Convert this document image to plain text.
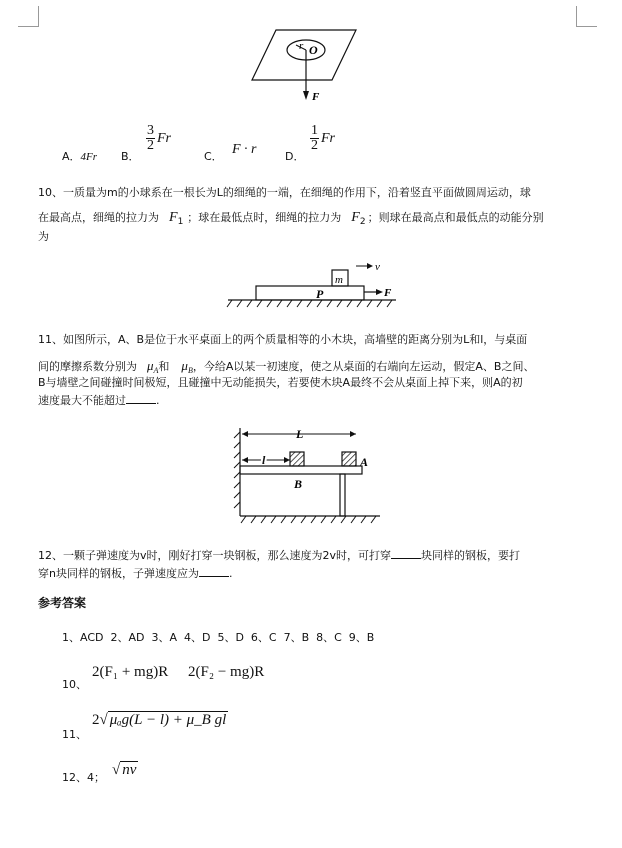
r O
F
A．4Fr B．
$\frac{3}{2}$ Fr
C． F · r	D．
$\frac{1}{2}$ Fr
10、一质量为m的小球系在一根长为L的细绳的一端，在细绳的作用下，沿着竖直平面做圆周运动，球
在最高点，细绳的拉力为 $F_1$ ；球在最低点时，细绳的拉力为 $F_2$ ；则球在最高点和最低点的动能分别
为
m
v
P	F
11、如图所示，A、B是位于水平桌面上的两个质量相等的小木块，高墙壁的距离分别为L和l，与桌面
间的摩擦系数分别为 $\mu_A$和 $\mu_B$，今给A以某一初速度，使之从桌面的右端向左运动，假定A、B之间、
B与墙壁之间碰撞时间极短，且碰撞中无动能损失，若要使木块A最终不会从桌面上掉下来，则A的初
速度最大不能超过	.
L
l	A
B
12、一颗子弹速度为v时，刚好打穿一块钢板，那么速度为2v时，可打穿	块同样的钢板，要打
穿n块同样的钢板，子弹速度应为	.
参考答案
1、ACD  2、AD  3、A  4、D  5、D  6、C  7、B  8、C  9、B
10、
2(F₁ + mg)R 2(F₂ − mg)R
11、
2√ μₐg(L − l) + μ_B gl
12、4； √ nv
